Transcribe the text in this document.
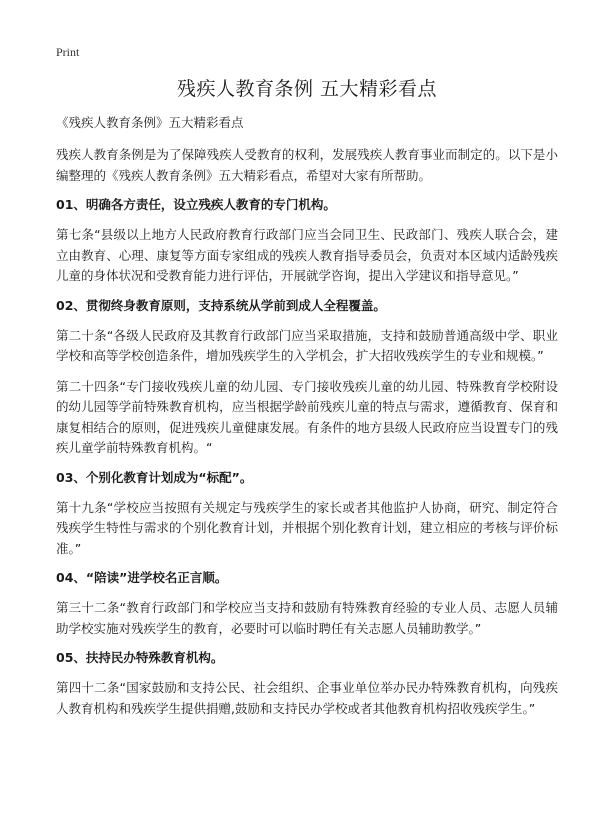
Print
残疾人教育条例 五大精彩看点
《残疾人教育条例》五大精彩看点

残疾人教育条例是为了保障残疾人受教育的权利，发展残疾人教育事业而制定的。以下是小编整理的《残疾人教育条例》五大精彩看点，希望对大家有所帮助。

01、明确各方责任，设立残疾人教育的专门机构。

第七条“县级以上地方人民政府教育行政部门应当会同卫生、民政部门、残疾人联合会，建立由教育、心理、康复等方面专家组成的残疾人教育指导委员会，负责对本区域内适龄残疾儿童的身体状况和受教育能力进行评估，开展就学咨询，提出入学建议和指导意见。”

02、贯彻终身教育原则，支持系统从学前到成人全程覆盖。

第二十条“各级人民政府及其教育行政部门应当采取措施，支持和鼓励普通高级中学、职业学校和高等学校创造条件，增加残疾学生的入学机会，扩大招收残疾学生的专业和规模。”

第二十四条“专门接收残疾儿童的幼儿园、专门接收残疾儿童的幼儿园、特殊教育学校附设的幼儿园等学前特殊教育机构，应当根据学龄前残疾儿童的特点与需求，遵循教育、保育和康复相结合的原则，促进残疾儿童健康发展。有条件的地方县级人民政府应当设置专门的残疾儿童学前特殊教育机构。“

03、个别化教育计划成为“标配”。

第十九条“学校应当按照有关规定与残疾学生的家长或者其他监护人协商，研究、制定符合残疾学生特性与需求的个别化教育计划，并根据个别化教育计划，建立相应的考核与评价标准。”

04、“陪读”进学校名正言顺。

第三十二条“教育行政部门和学校应当支持和鼓励有特殊教育经验的专业人员、志愿人员辅助学校实施对残疾学生的教育，必要时可以临时聘任有关志愿人员辅助教学。”

05、扶持民办特殊教育机构。

第四十二条“国家鼓励和支持公民、社会组织、企事业单位举办民办特殊教育机构，向残疾人教育机构和残疾学生提供捐赠,鼓励和支持民办学校或者其他教育机构招收残疾学生。”
